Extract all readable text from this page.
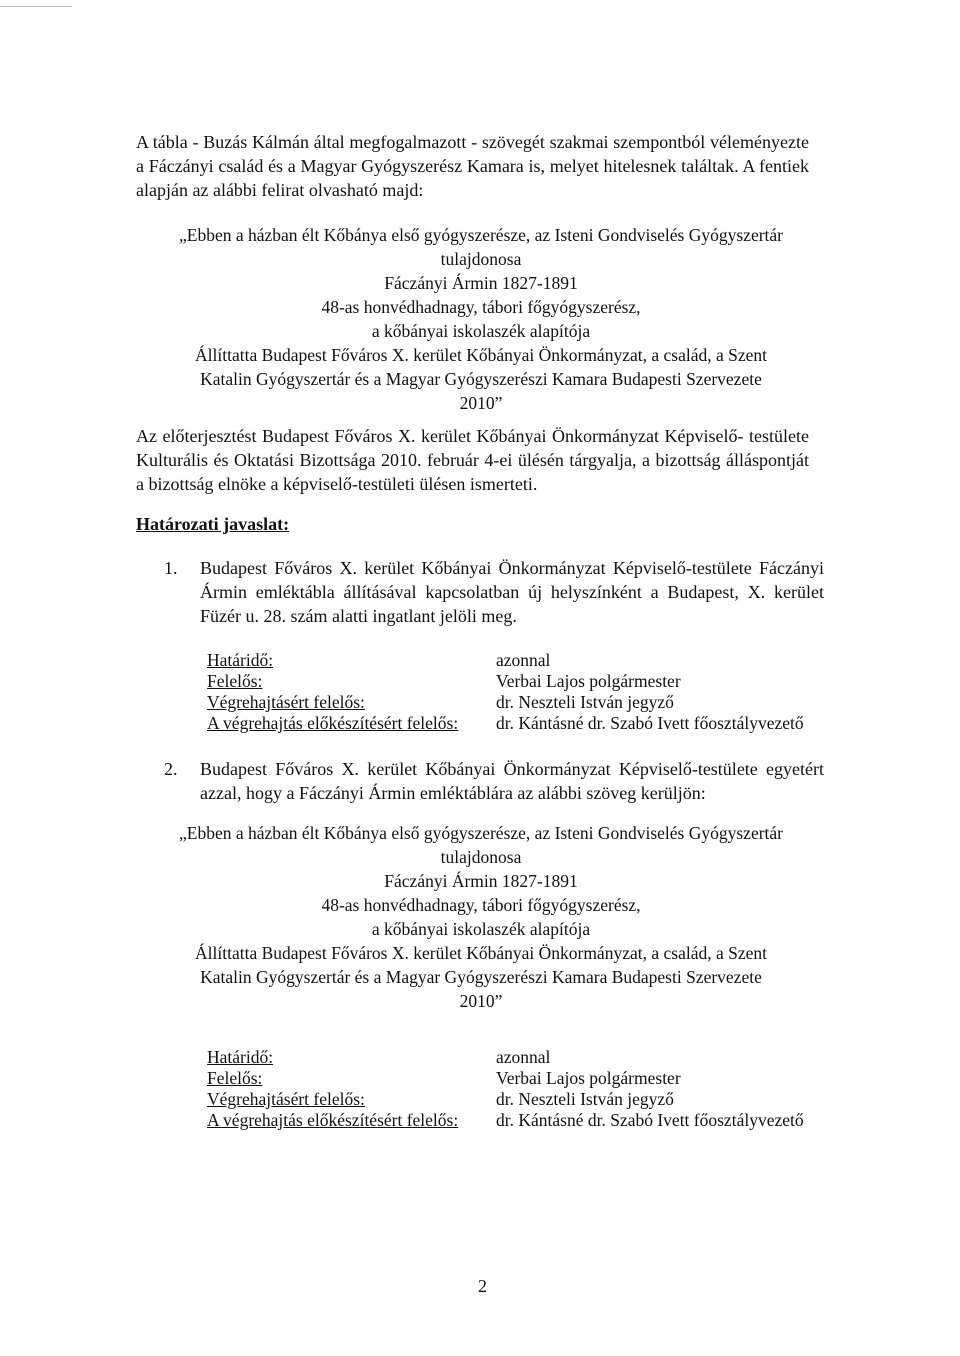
A tábla - Buzás Kálmán által megfogalmazott - szövegét szakmai szempontból véleményezte a Fáczányi család és a Magyar Gyógyszerész Kamara is, melyet hitelesnek találtak. A fentiek alapján az alábbi felirat olvasható majd:
„Ebben a házban élt Kőbánya első gyógyszerésze, az Isteni Gondviselés Gyógyszertár
tulajdonosa
Fáczányi Ármin 1827-1891
48-as honvédhadnagy, tábori főgyógyszerész,
a kőbányai iskolaszék alapítója
Állíttatta Budapest Főváros X. kerület Kőbányai Önkormányzat, a család, a Szent
Katalin Gyógyszertár és a Magyar Gyógyszerészi Kamara Budapesti Szervezete
2010”
Az előterjesztést Budapest Főváros X. kerület Kőbányai Önkormányzat Képviselő- testülete Kulturális és Oktatási Bizottsága 2010. február 4-ei ülésén tárgyalja, a bizottság álláspontját a bizottság elnöke a képviselő-testületi ülésen ismerteti.
Határozati javaslat:
1. Budapest Főváros X. kerület Kőbányai Önkormányzat Képviselő-testülete Fáczányi Ármin emléktábla állításával kapcsolatban új helyszínként a Budapest, X. kerület Füzér u. 28. szám alatti ingatlant jelöli meg.
Határidő:	azonnal
Felelős:	Verbai Lajos polgármester
Végrehajtásért felelős:	dr. Neszteli István jegyző
A végrehajtás előkészítésért felelős: dr. Kántásné dr. Szabó Ivett főosztályvezető
2. Budapest Főváros X. kerület Kőbányai Önkormányzat Képviselő-testülete egyetért azzal, hogy a Fáczányi Ármin emléktáblára az alábbi szöveg kerüljön:
„Ebben a házban élt Kőbánya első gyógyszerésze, az Isteni Gondviselés Gyógyszertár
tulajdonosa
Fáczányi Ármin 1827-1891
48-as honvédhadnagy, tábori főgyógyszerész,
a kőbányai iskolaszék alapítója
Állíttatta Budapest Főváros X. kerület Kőbányai Önkormányzat, a család, a Szent
Katalin Gyógyszertár és a Magyar Gyógyszerészi Kamara Budapesti Szervezete
2010”
Határidő:	azonnal
Felelős:	Verbai Lajos polgármester
Végrehajtásért felelős:	dr. Neszteli István jegyző
A végrehajtás előkészítésért felelős: dr. Kántásné dr. Szabó Ivett főosztályvezető
2
